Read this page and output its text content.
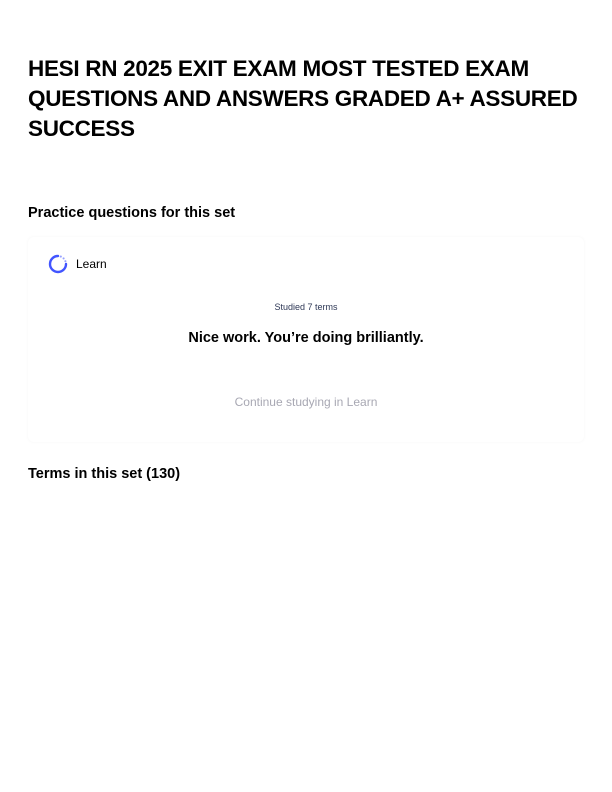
HESI RN 2025 EXIT EXAM MOST TESTED EXAM QUESTIONS AND ANSWERS GRADED A+ ASSURED SUCCESS
Practice questions for this set
Learn
Studied 7 terms
Nice work. You’re doing brilliantly.
Continue studying in Learn
Terms in this set (130)
